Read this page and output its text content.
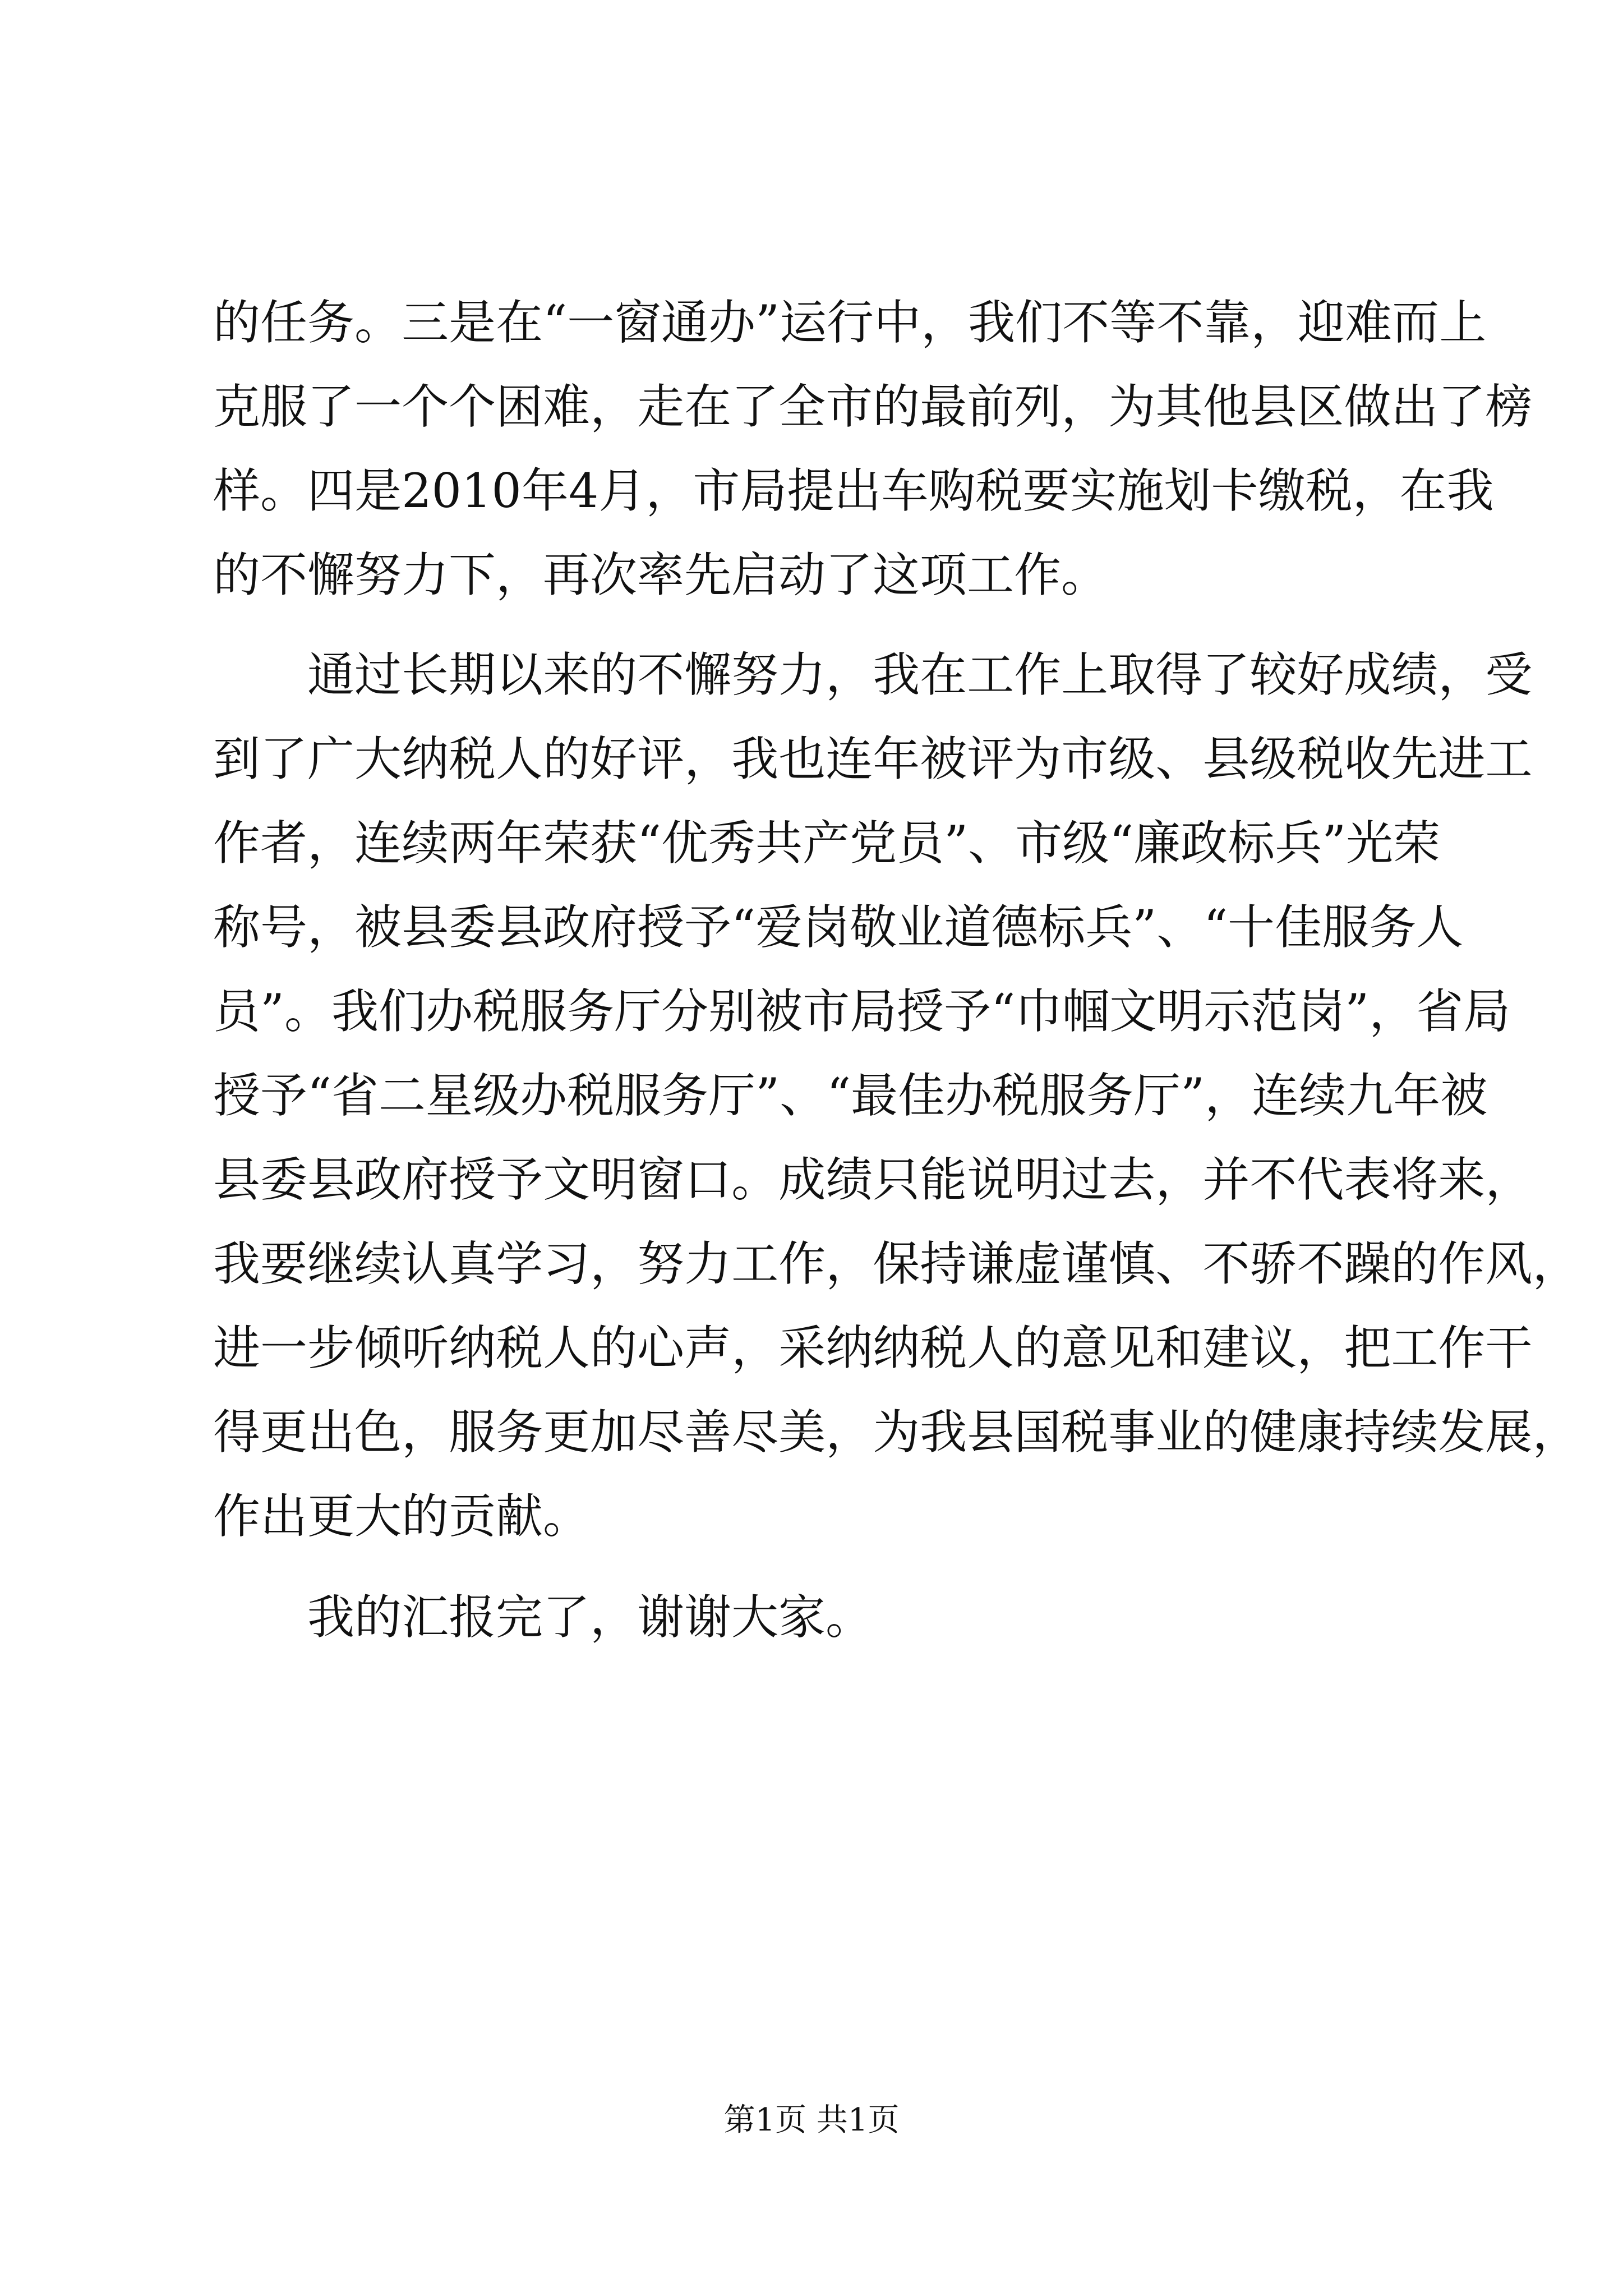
的 任 务 。 三 是 在 “ 一 窗 通 办 ” 运 行 中 ， 我 们 不 等 不 靠 ， 迎 难 而 上
克 服 了 一 个 个 困 难 ， 走 在 了 全 市 的 最 前 列 ， 为 其 他 县 区 做 出 了 榜
样 。 四 是 2 0 1 0 年 4 月 ， 市 局 提 出 车 购 税 要 实 施 划 卡 缴 税 ， 在 我
的不懈努力下，再次率先启动了这项工作。
通 过 长 期 以 来 的 不 懈 努 力 ， 我 在 工 作 上 取 得 了 较 好 成 绩 ， 受
到 了 广 大 纳 税 人 的 好 评 ， 我 也 连 年 被 评 为 市 级 、 县 级 税 收 先 进 工
作 者 ， 连 续 两 年 荣 获 “ 优 秀 共 产 党 员 ” 、 市 级 “ 廉 政 标 兵 ” 光 荣
称 号 ， 被 县 委 县 政 府 授 予 “ 爱 岗 敬 业 道 德 标 兵 ” 、 “ 十 佳 服 务 人
员 ” 。 我 们 办 税 服 务 厅 分 别 被 市 局 授 予 “ 巾 帼 文 明 示 范 岗 ” ， 省 局
授 予 “ 省 二 星 级 办 税 服 务 厅 ” 、 “ 最 佳 办 税 服 务 厅 ” ， 连 续 九 年 被
县 委 县 政 府 授 予 文 明 窗 口 。 成 绩 只 能 说 明 过 去 ， 并 不 代 表 将 来 ，
我 要 继 续 认 真 学 习 ， 努 力 工 作 ， 保 持 谦 虚 谨 慎 、 不 骄 不 躁 的 作 风 ，
进 一 步 倾 听 纳 税 人 的 心 声 ， 采 纳 纳 税 人 的 意 见 和 建 议 ， 把 工 作 干
得 更 出 色 ， 服 务 更 加 尽 善 尽 美 ， 为 我 县 国 税 事 业 的 健 康 持 续 发 展 ，
作出更大的贡献。
我的汇报完了，谢谢大家。
第1页 共1页
